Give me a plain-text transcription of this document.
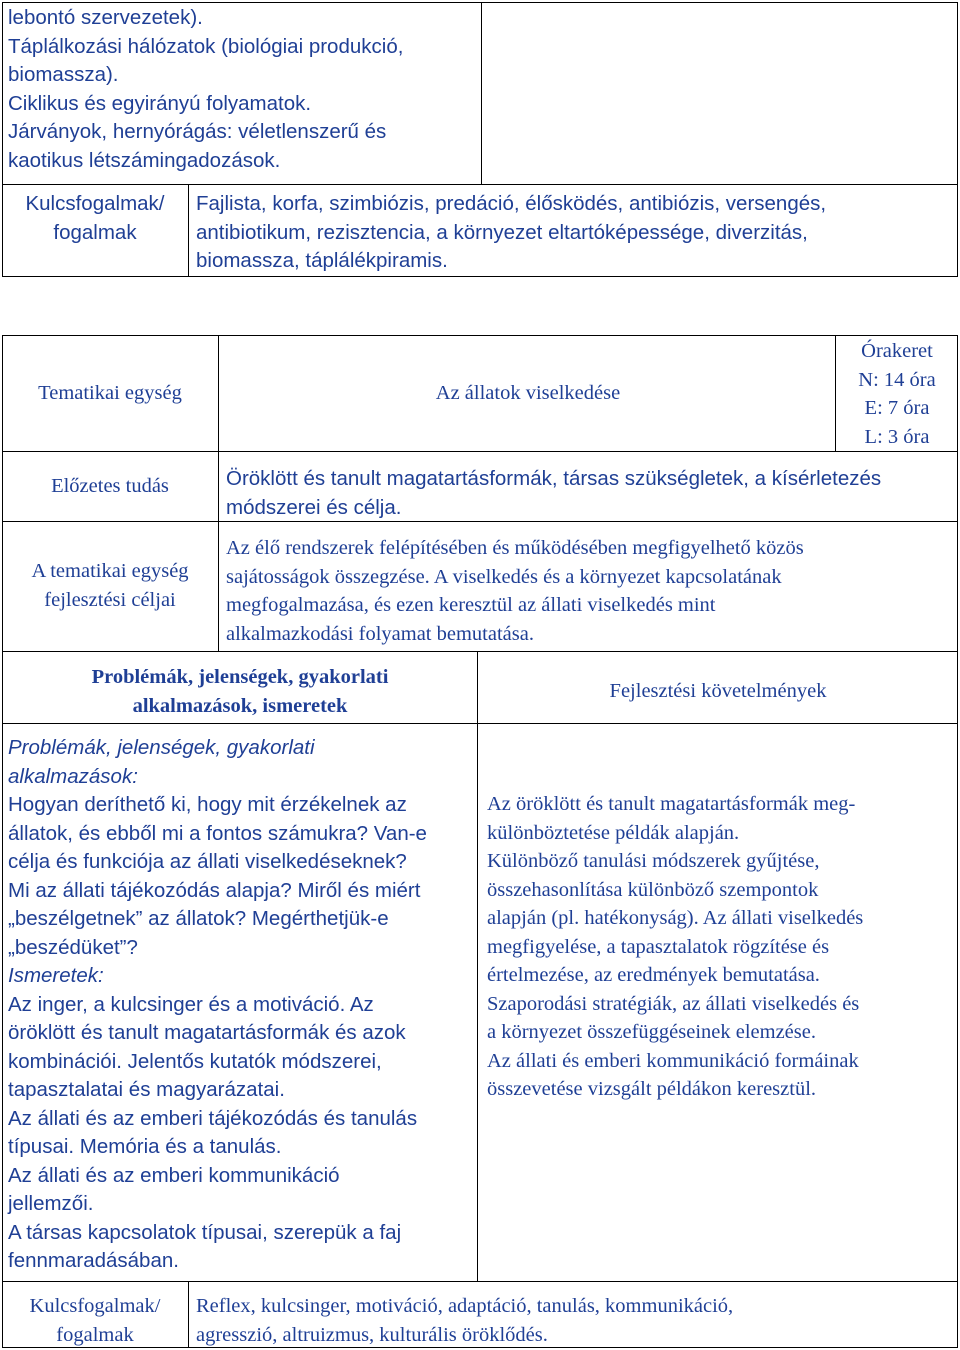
lebontó szervezetek).
Táplálkozási hálózatok (biológiai produkció,
biomassza).
Ciklikus és egyirányú folyamatok.
Járványok, hernyórágás: véletlenszerű és
kaotikus létszámingadozások.
Kulcsfogalmak/
fogalmak
Fajlista, korfa, szimbiózis, predáció, élősködés, antibiózis, versengés,
antibiotikum, rezisztencia, a környezet eltartóképessége, diverzitás,
biomassza, táplálékpiramis.
Tematikai egység	Az állatok viselkedése
Órakeret
N: 14 óra
E: 7 óra
L: 3 óra
Előzetes tudás	Öröklött és tanult magatartásformák, társas szükségletek, a kísérletezés
módszerei és célja.
A tematikai egység
fejlesztési céljai
Az élő rendszerek felépítésében és működésében megfigyelhető közös
sajátosságok összegzése. A viselkedés és a környezet kapcsolatának
megfogalmazása, és ezen keresztül az állati viselkedés mint
alkalmazkodási folyamat bemutatása.
Problémák, jelenségek, gyakorlati
alkalmazások, ismeretek
Fejlesztési követelmények
Problémák, jelenségek, gyakorlati
alkalmazások:
Hogyan deríthető ki, hogy mit érzékelnek az
állatok, és ebből mi a fontos számukra? Van-e
célja és funkciója az állati viselkedéseknek?
Mi az állati tájékozódás alapja? Miről és miért
„beszélgetnek” az állatok? Megérthetjük-e
„beszédüket”?
Ismeretek:
Az inger, a kulcsinger és a motiváció. Az
öröklött és tanult magatartásformák és azok
kombinációi. Jelentős kutatók módszerei,
tapasztalatai és magyarázatai.
Az állati és az emberi tájékozódás és tanulás
típusai. Memória és a tanulás.
Az állati és az emberi kommunikáció
jellemzői.
A társas kapcsolatok típusai, szerepük a faj
fennmaradásában.
Az öröklött és tanult magatartásformák meg-
különböztetése példák alapján.
Különböző tanulási módszerek gyűjtése,
összehasonlítása különböző szempontok
alapján (pl. hatékonyság). Az állati viselkedés
megfigyelése, a tapasztalatok rögzítése és
értelmezése, az eredmények bemutatása.
Szaporodási stratégiák, az állati viselkedés és
a környezet összefüggéseinek elemzése.
Az állati és emberi kommunikáció formáinak
összevetése vizsgált példákon keresztül.
Kulcsfogalmak/
fogalmak
Reflex, kulcsinger, motiváció, adaptáció, tanulás, kommunikáció,
agresszió, altruizmus, kulturális öröklődés.
